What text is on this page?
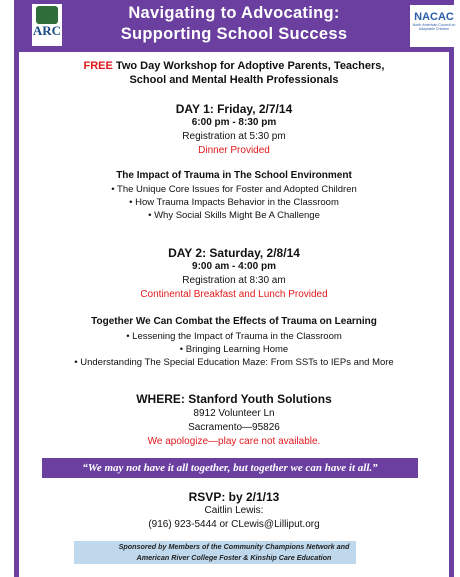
ARC
Navigating to Advocating:
Supporting School Success
NACAC
North American Council on Adoptable Children
FREE Two Day Workshop for Adoptive Parents, Teachers,
School and Mental Health Professionals
DAY 1: Friday, 2/7/14
6:00 pm - 8:30 pm
Registration at 5:30 pm
Dinner Provided
The Impact of Trauma in The School Environment
• The Unique Core Issues for Foster and Adopted Children
• How Trauma Impacts Behavior in the Classroom
• Why Social Skills Might Be A Challenge
DAY 2: Saturday, 2/8/14
9:00 am - 4:00 pm
Registration at 8:30 am
Continental Breakfast and Lunch Provided
Together We Can Combat the Effects of Trauma on Learning
• Lessening the Impact of Trauma in the Classroom
• Bringing Learning Home
• Understanding The Special Education Maze: From SSTs to IEPs and More
WHERE: Stanford Youth Solutions
8912 Volunteer Ln
Sacramento—95826
We apologize—play care not available.
RSVP: by 2/1/13
Caitlin Lewis:
(916) 923-5444 or CLewis@Lilliput.org
“We may not have it all together, but together we can have it all.”
Sponsored by Members of the Community Champions Network and
American River College Foster & Kinship Care Education
